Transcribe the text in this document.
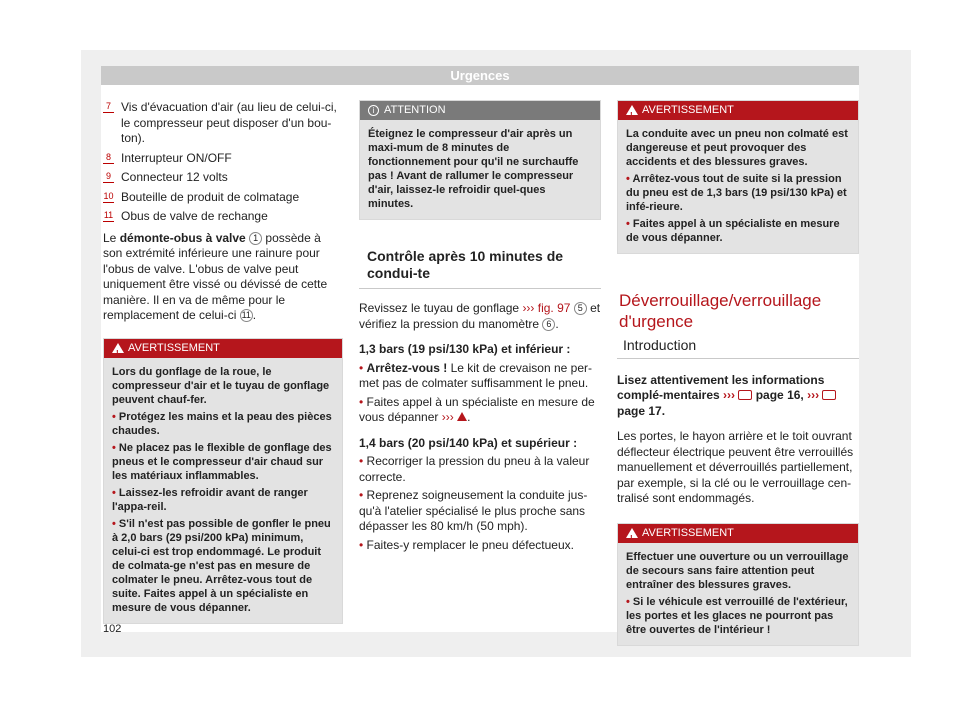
Urgences
7 Vis d'évacuation d'air (au lieu de celui-ci, le compresseur peut disposer d'un bou-ton).
8 Interrupteur ON/OFF
9 Connecteur 12 volts
10 Bouteille de produit de colmatage
11 Obus de valve de rechange

Le démonte-obus à valve 1 possède à son extrémité inférieure une rainure pour l'obus de valve. L'obus de valve peut uniquement être vissé ou dévissé de cette manière. Il en va de même pour le remplacement de celui-ci 11 .

!
AVERTISSEMENT
Lors du gonflage de la roue, le compresseur d'air et le tuyau de gonflage peuvent chauf-fer.
• Protégez les mains et la peau des pièces chaudes.
• Ne placez pas le flexible de gonflage des pneus et le compresseur d'air chaud sur les matériaux inflammables.
• Laissez-les refroidir avant de ranger l'appa-reil.
• S'il n'est pas possible de gonfler le pneu à 2,0 bars (29 psi/200 kPa) minimum, celui-ci est trop endommagé. Le produit de colmata-ge n'est pas en mesure de colmater le pneu. Arrêtez-vous tout de suite. Faites appel à un spécialiste en mesure de vous dépanner.
i ATTENTION
Éteignez le compresseur d'air après un maxi-mum de 8 minutes de fonctionnement pour qu'il ne surchauffe pas ! Avant de rallumer le compresseur d'air, laissez-le refroidir quel-ques minutes.
Contrôle après 10 minutes de condui-te

Revissez le tuyau de gonflage ››› fig. 97 5 et vérifiez la pression du manomètre 6 .

1,3 bars (19 psi/130 kPa) et inférieur :

• Arrêtez-vous ! Le kit de crevaison ne per-met pas de colmater suffisamment le pneu.
• Faites appel à un spécialiste en mesure de vous dépanner ››› .

1,4 bars (20 psi/140 kPa) et supérieur :

• Recorriger la pression du pneu à la valeur correcte.
• Reprenez soigneusement la conduite jus-qu'à l'atelier spécialisé le plus proche sans dépasser les 80 km/h (50 mph).
• Faites-y remplacer le pneu défectueux.
!
AVERTISSEMENT
La conduite avec un pneu non colmaté est dangereuse et peut provoquer des accidents et des blessures graves.
• Arrêtez-vous tout de suite si la pression du pneu est de 1,3 bars (19 psi/130 kPa) et infé-rieure.
• Faites appel à un spécialiste en mesure de vous dépanner.
Déverrouillage/verrouillage d'urgence
Introduction

Lisez attentivement les informations complé-mentaires ›››  page 16, ›››  page 17.

Les portes, le hayon arrière et le toit ouvrant déflecteur électrique peuvent être verrouillés manuellement et déverrouillés partiellement, par exemple, si la clé ou le verrouillage cen-tralisé sont endommagés.

!
AVERTISSEMENT
Effectuer une ouverture ou un verrouillage de secours sans faire attention peut entraîner des blessures graves.
• Si le véhicule est verrouillé de l'extérieur, les portes et les glaces ne pourront pas être ouvertes de l'intérieur !
102
